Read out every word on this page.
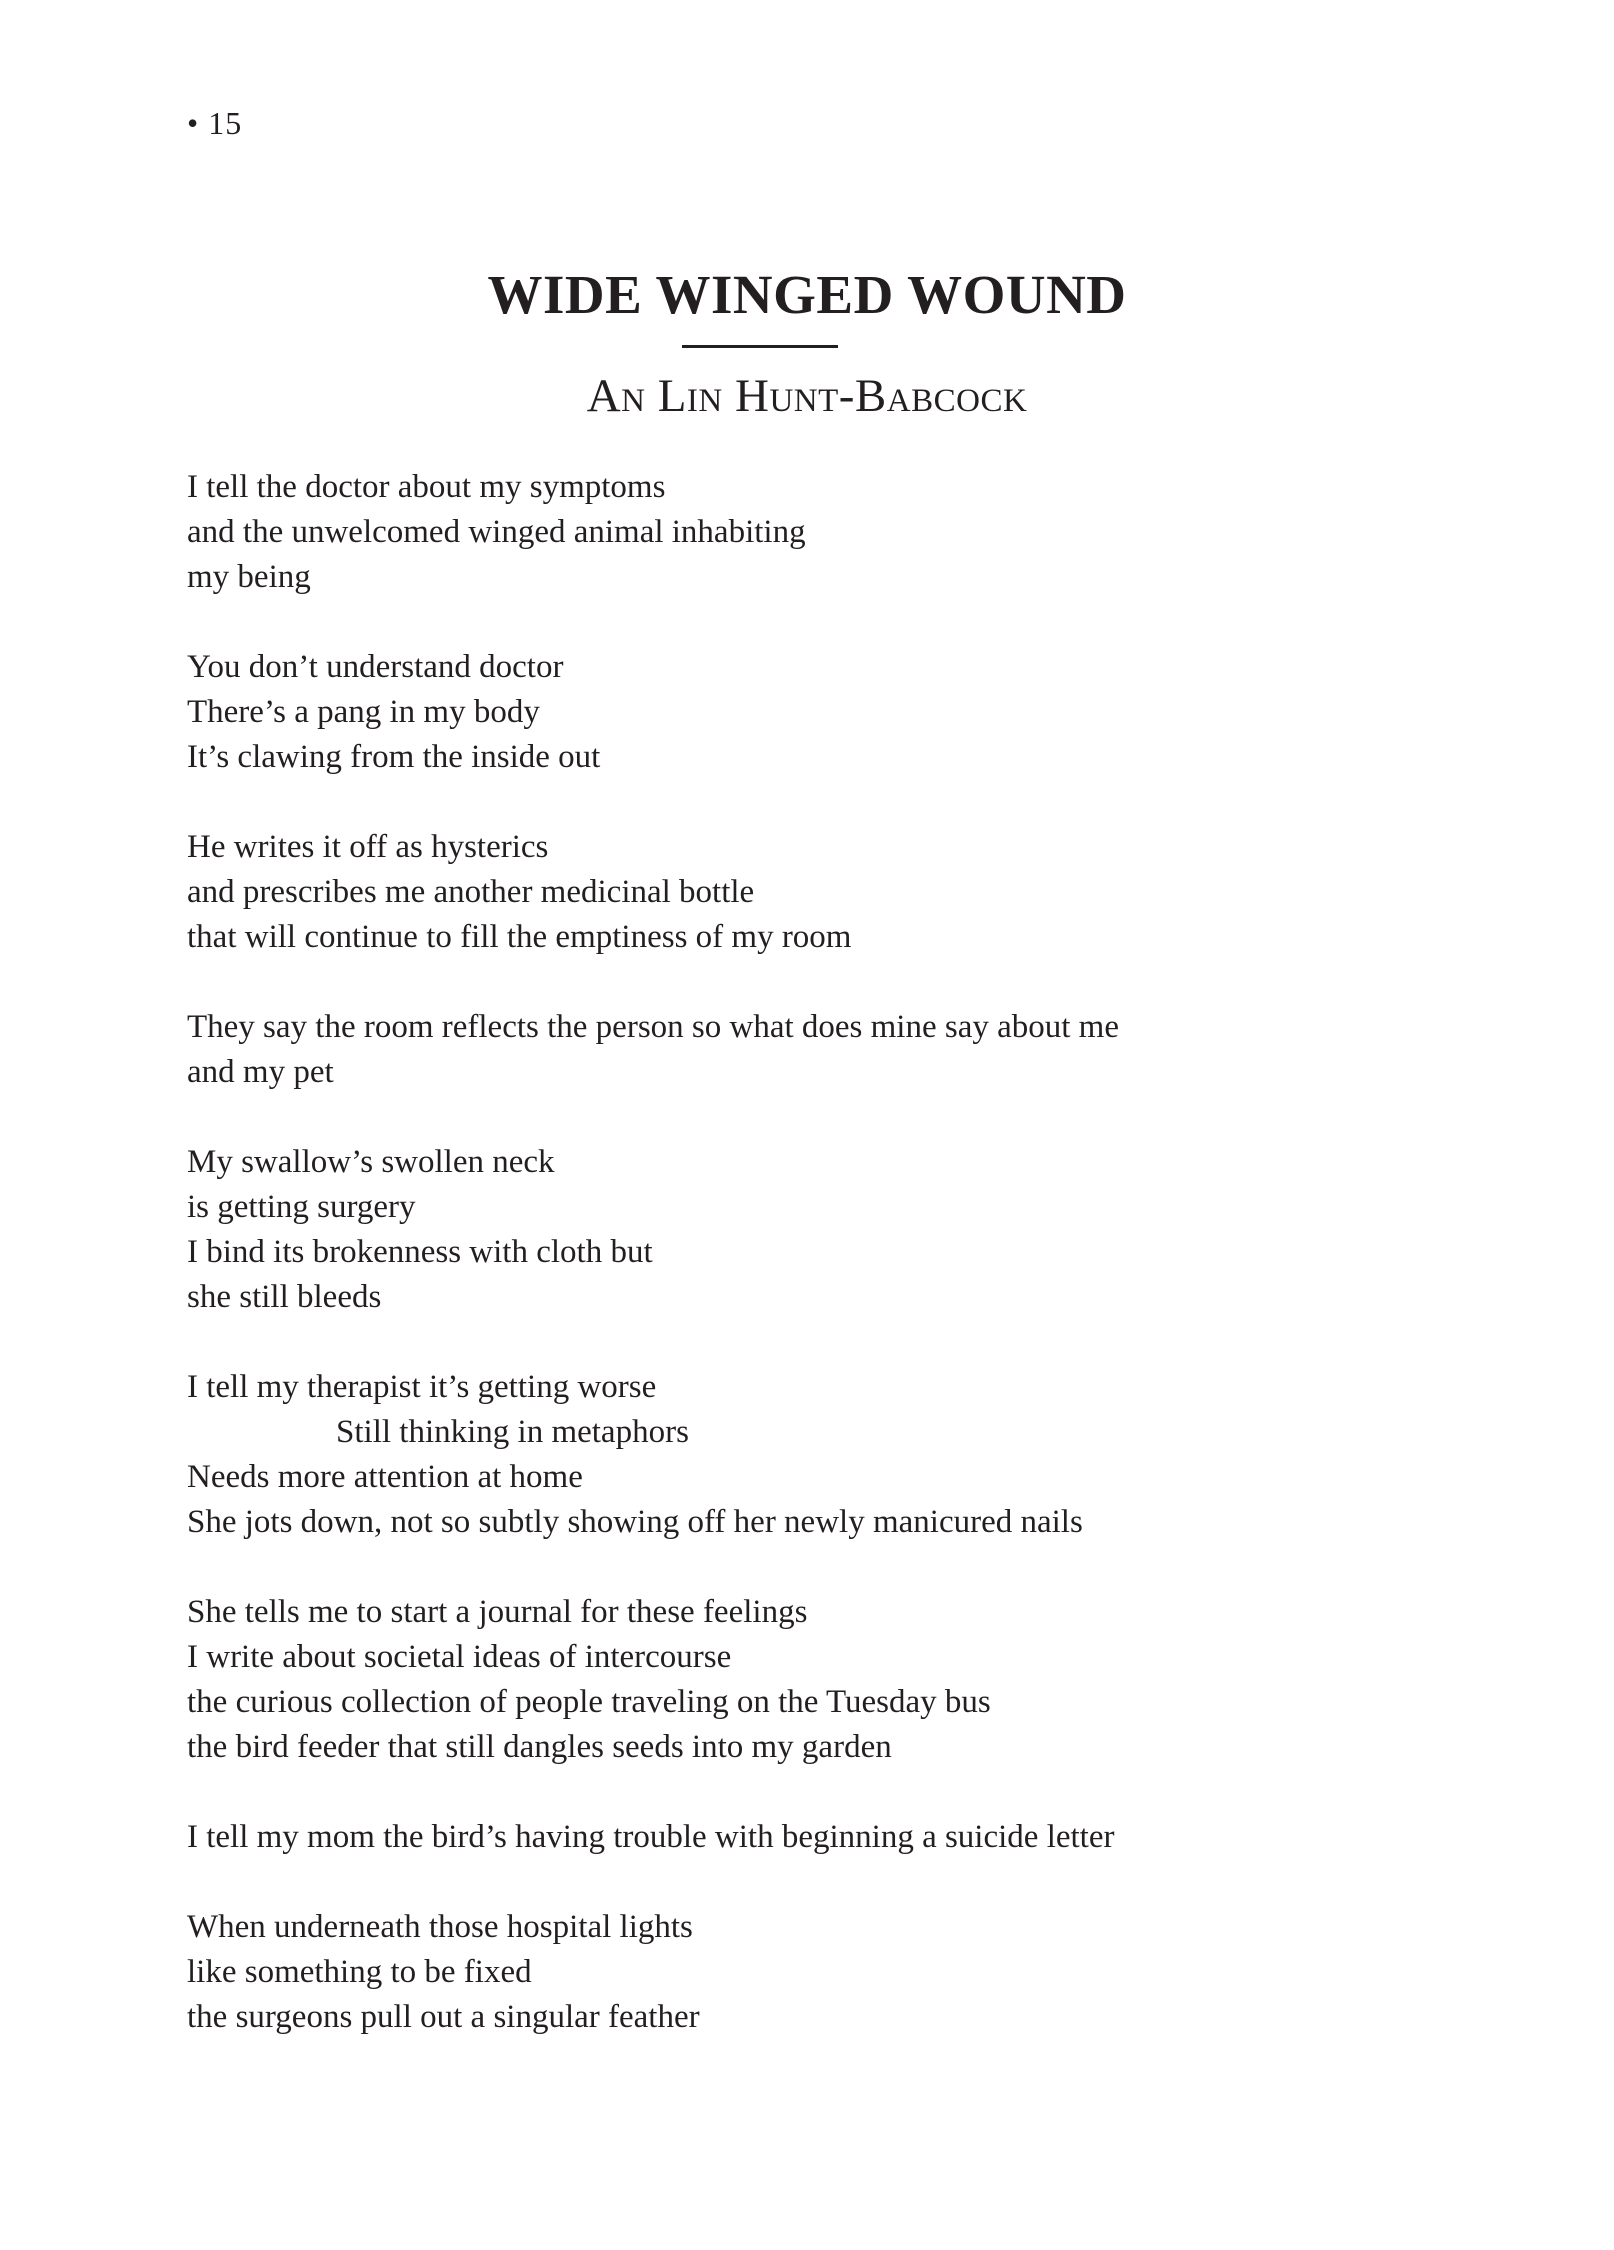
• 15
WIDE WINGED WOUND
An Lin Hunt-Babcock
I tell the doctor about my symptoms
and the unwelcomed winged animal inhabiting
my being
You don’t understand doctor
There’s a pang in my body
It’s clawing from the inside out
He writes it off as hysterics
and prescribes me another medicinal bottle
that will continue to fill the emptiness of my room
They say the room reflects the person so what does mine say about me
and my pet
My swallow’s swollen neck
is getting surgery
I bind its brokenness with cloth but
she still bleeds
I tell my therapist it’s getting worse
Still thinking in metaphors
Needs more attention at home
She jots down, not so subtly showing off her newly manicured nails
She tells me to start a journal for these feelings
I write about societal ideas of intercourse
the curious collection of people traveling on the Tuesday bus
the bird feeder that still dangles seeds into my garden
I tell my mom the bird’s having trouble with beginning a suicide letter
When underneath those hospital lights
like something to be fixed
the surgeons pull out a singular feather
